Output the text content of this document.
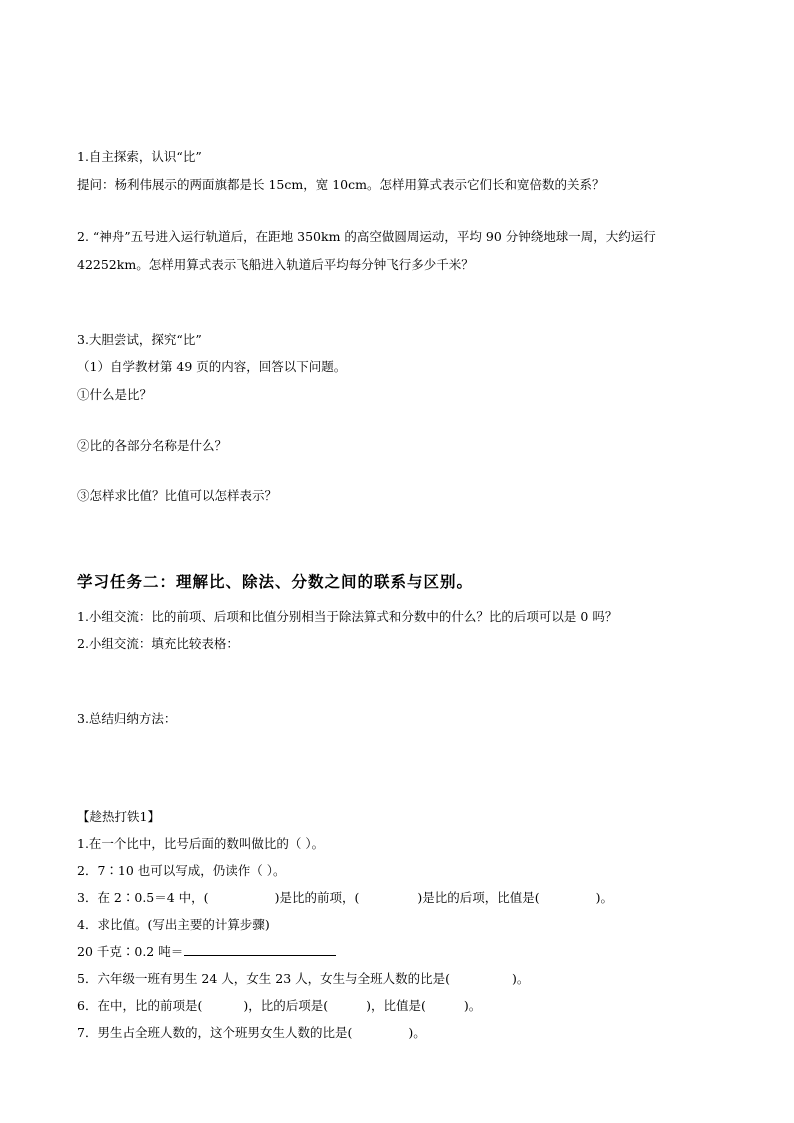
1.自主探索，认识“比”
提问：杨利伟展示的两面旗都是长 15cm，宽 10cm。怎样用算式表示它们长和宽倍数的关系？
2. “神舟”五号进入运行轨道后，在距地 350km 的高空做圆周运动，平均 90 分钟绕地球一周，大约运行
42252km。怎样用算式表示飞船进入轨道后平均每分钟飞行多少千米？
3.大胆尝试，探究“比”
（1）自学教材第 49 页的内容，回答以下问题。
①什么是比？
②比的各部分名称是什么？
③怎样求比值？比值可以怎样表示？
学习任务二：理解比、除法、分数之间的联系与区别。
1.小组交流：比的前项、后项和比值分别相当于除法算式和分数中的什么？比的后项可以是 0 吗？
2.小组交流：填充比较表格：
3.总结归纳方法：
【趁热打铁1】
1.在一个比中，比号后面的数叫做比的（ ）。
2．7∶10 也可以写成，仍读作（ ）。
3．在 2∶0.5＝4 中，(	)是比的前项，(	)是比的后项，比值是(	)。
4．求比值。(写出主要的计算步骤)
20 千克∶0.2 吨＝
5．六年级一班有男生 24 人，女生 23 人，女生与全班人数的比是(	)。
6．在中，比的前项是(	)，比的后项是(	)，比值是(	)。
7．男生占全班人数的，这个班男女生人数的比是(	)。
